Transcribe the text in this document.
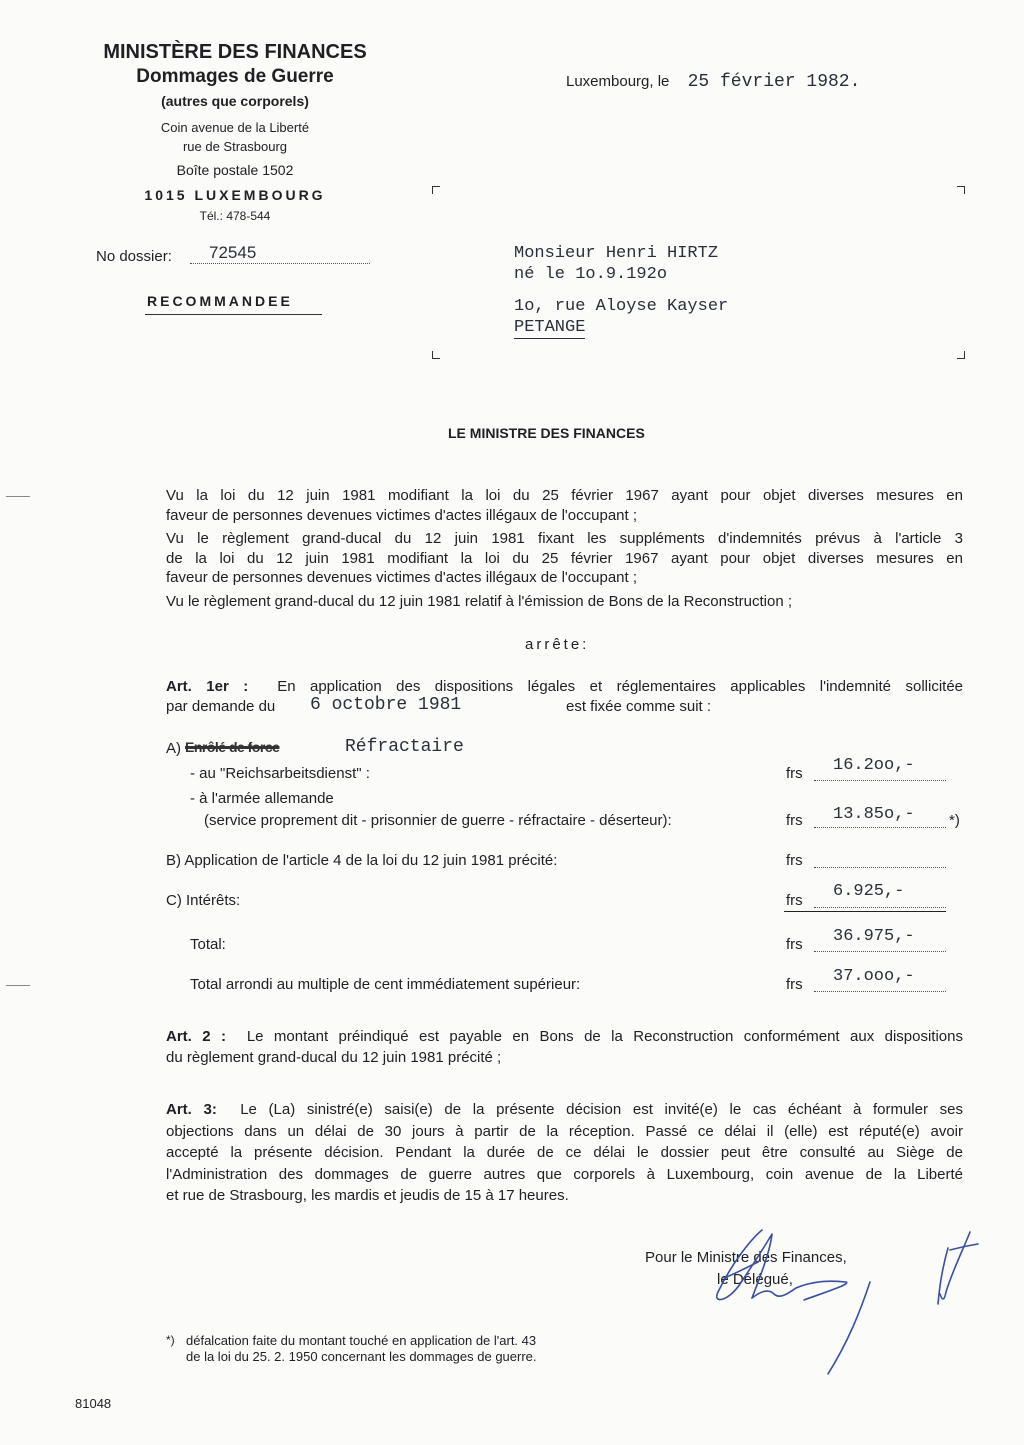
MINISTÈRE DES FINANCES
Dommages de Guerre
(autres que corporels)
Coin avenue de la Liberté
rue de Strasbourg
Boîte postale 1502
1015 LUXEMBOURG
Tél.: 478-544
Luxembourg, le 25 février 1982.
No dossier: 72545
RECOMMANDEE
Monsieur Henri HIRTZ
né le 1o.9.192o
1o, rue Aloyse Kayser
PETANGE
LE MINISTRE DES FINANCES
Vu la loi du 12 juin 1981 modifiant la loi du 25 février 1967 ayant pour objet diverses mesures en
faveur de personnes devenues victimes d'actes illégaux de l'occupant ;
Vu le règlement grand-ducal du 12 juin 1981 fixant les suppléments d'indemnités prévus à l'article 3
de la loi du 12 juin 1981 modifiant la loi du 25 février 1967 ayant pour objet diverses mesures en
faveur de personnes devenues victimes d'actes illégaux de l'occupant ;
Vu le règlement grand-ducal du 12 juin 1981 relatif à l'émission de Bons de la Reconstruction ;
arrête:
Art. 1er : En application des dispositions légales et réglementaires applicables l'indemnité sollicitée
par demande du 6 octobre 1981	est fixée comme suit :
A) Enrôlé de force	Réfractaire
- au "Reichsarbeitsdienst" :	frs 16.2oo,-
- à l'armée allemande
(service proprement dit - prisonnier de guerre - réfractaire - déserteur):	frs 13.85o,- *)
B) Application de l'article 4 de la loi du 12 juin 1981 précité:	frs
C) Intérêts:	frs 6.925,-
Total:	frs 36.975,-
Total arrondi au multiple de cent immédiatement supérieur:	frs 37.ooo,-
Art. 2 : Le montant préindiqué est payable en Bons de la Reconstruction conformément aux dispositions
du règlement grand-ducal du 12 juin 1981 précité ;
Art. 3: Le (La) sinistré(e) saisi(e) de la présente décision est invité(e) le cas échéant à formuler ses
objections dans un délai de 30 jours à partir de la réception. Passé ce délai il (elle) est réputé(e) avoir
accepté la présente décision. Pendant la durée de ce délai le dossier peut être consulté au Siège de
l'Administration des dommages de guerre autres que corporels à Luxembourg, coin avenue de la Liberté
et rue de Strasbourg, les mardis et jeudis de 15 à 17 heures.
Pour le Ministre des Finances,
le Délégué,
*) défalcation faite du montant touché en application de l'art. 43
de la loi du 25. 2. 1950 concernant les dommages de guerre.
81048
